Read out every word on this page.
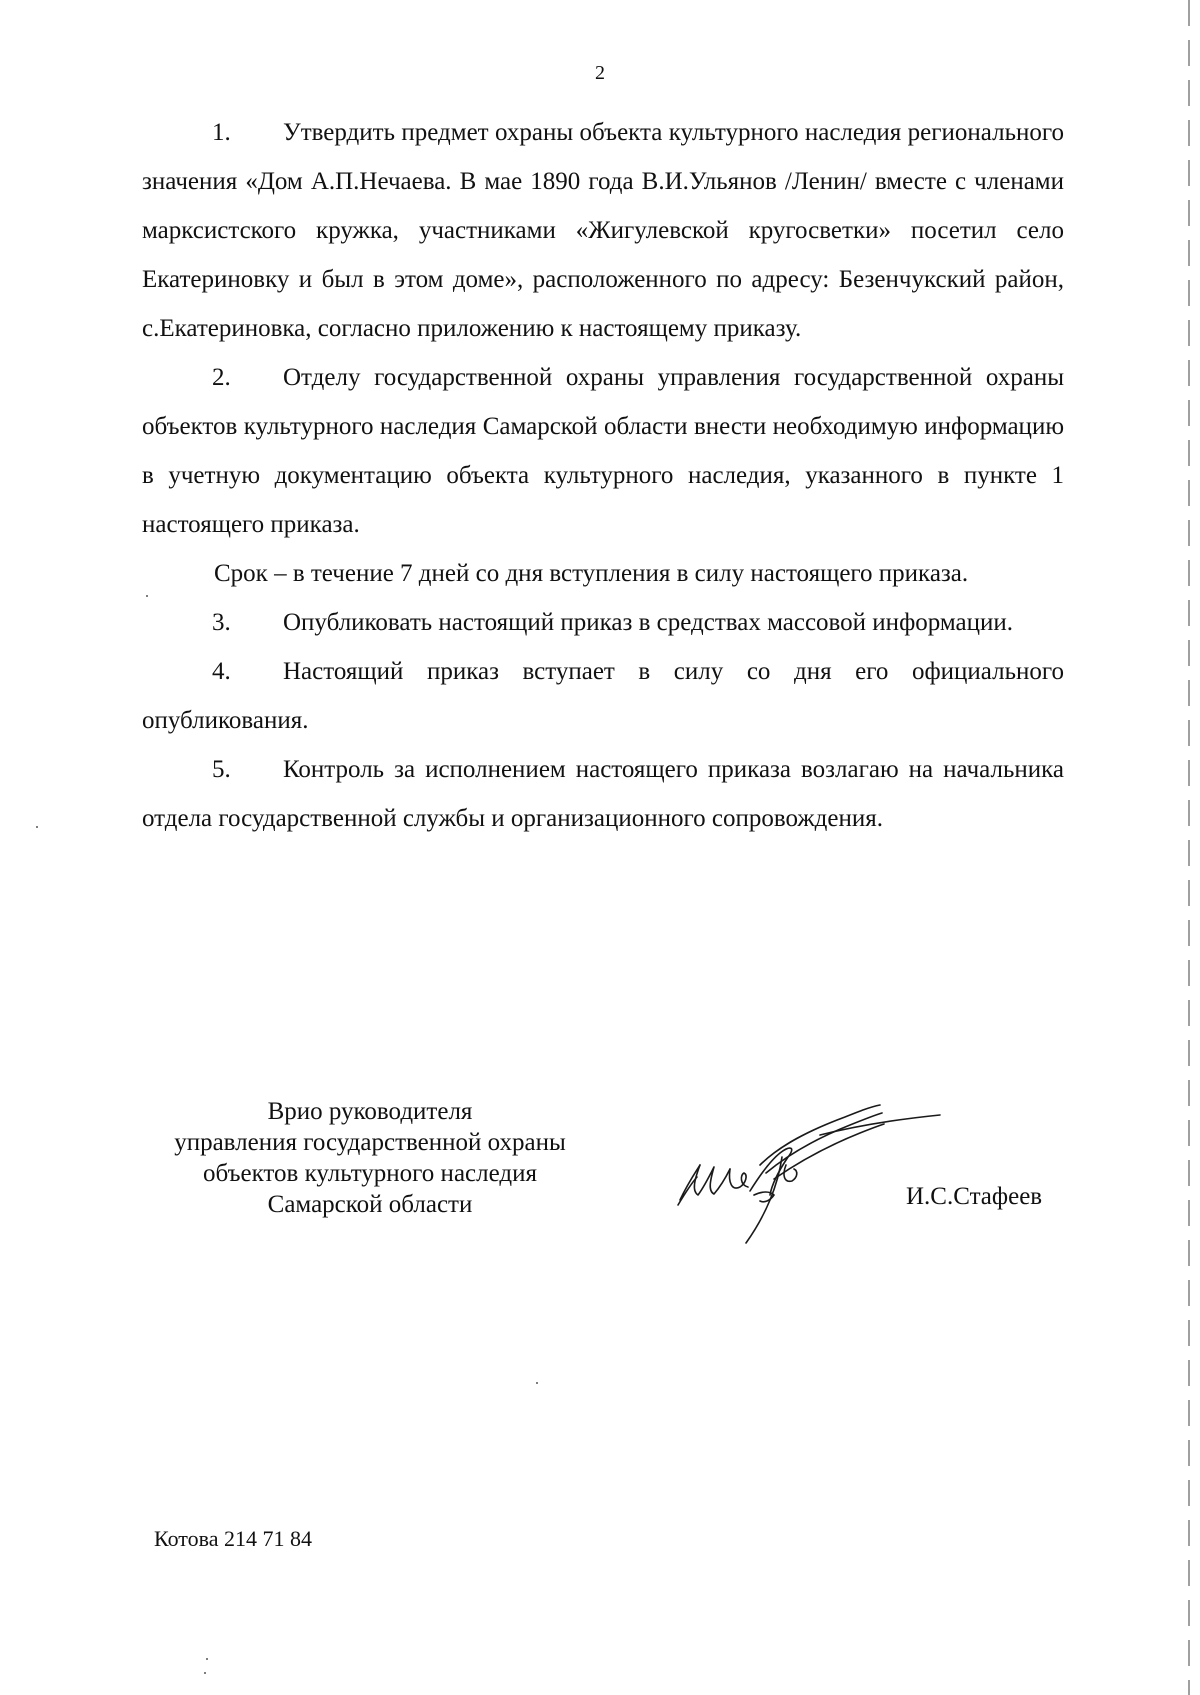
2

1. Утвердить предмет охраны объекта культурного наследия регионального значения «Дом А.П.Нечаева. В мае 1890 года В.И.Ульянов /Ленин/ вместе с членами марксистского кружка, участниками «Жигулевской кругосветки» посетил село Екатериновку и был в этом доме», расположенного по адресу: Безенчукский район, с.Екатериновка, согласно приложению к настоящему приказу.

2. Отделу государственной охраны управления государственной охраны объектов культурного наследия Самарской области внести необходимую информацию в учетную документацию объекта культурного наследия, указанного в пункте 1 настоящего приказа.

Срок – в течение 7 дней со дня вступления в силу настоящего приказа.

3. Опубликовать настоящий приказ в средствах массовой информации.

4. Настоящий приказ вступает в силу со дня его официального опубликования.

5. Контроль за исполнением настоящего приказа возлагаю на начальника отдела государственной службы и организационного сопровождения.

Врио руководителя
управления государственной охраны
объектов культурного наследия
Самарской области	И.С.Стафеев
Котова 214 71 84
